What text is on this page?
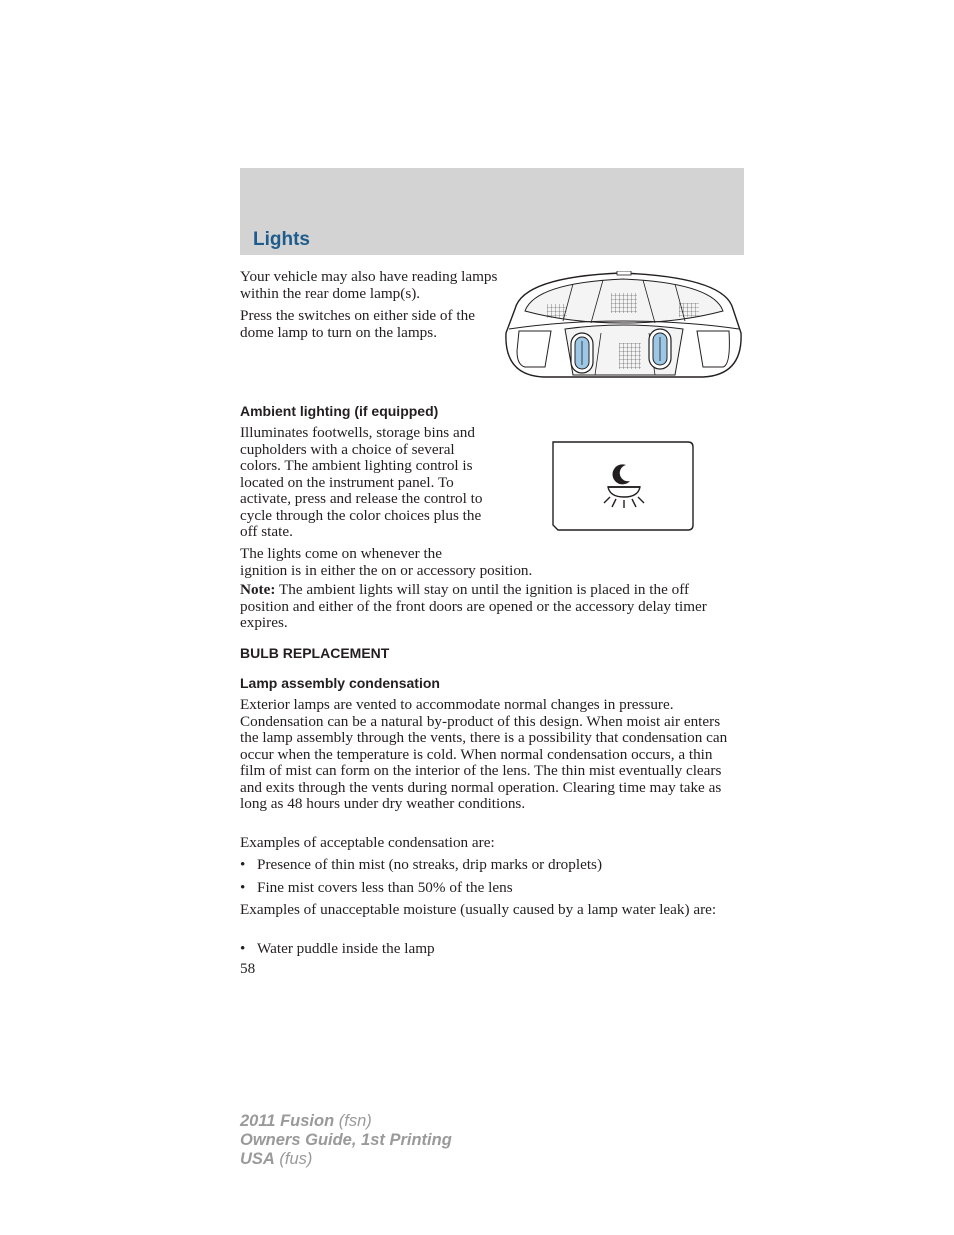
Lights

Your vehicle may also have reading lamps within the rear dome lamp(s).

Press the switches on either side of the dome lamp to turn on the lamps.

Ambient lighting (if equipped)

Illuminates footwells, storage bins and cupholders with a choice of several colors. The ambient lighting control is located on the instrument panel. To activate, press and release the control to cycle through the color choices plus the off state.

The lights come on whenever the
ignition is in either the on or accessory position.

Note: The ambient lights will stay on until the ignition is placed in the off position and either of the front doors are opened or the accessory delay timer expires.

BULB REPLACEMENT
Lamp assembly condensation

Exterior lamps are vented to accommodate normal changes in pressure. Condensation can be a natural by-product of this design. When moist air enters the lamp assembly through the vents, there is a possibility that condensation can occur when the temperature is cold. When normal condensation occurs, a thin film of mist can form on the interior of the lens. The thin mist eventually clears and exits through the vents during normal operation. Clearing time may take as long as 48 hours under dry weather conditions.

Examples of acceptable condensation are:

• Presence of thin mist (no streaks, drip marks or droplets)
• Fine mist covers less than 50% of the lens

Examples of unacceptable moisture (usually caused by a lamp water leak) are:

• Water puddle inside the lamp

58

2011 Fusion (fsn)
Owners Guide, 1st Printing
USA (fus)
